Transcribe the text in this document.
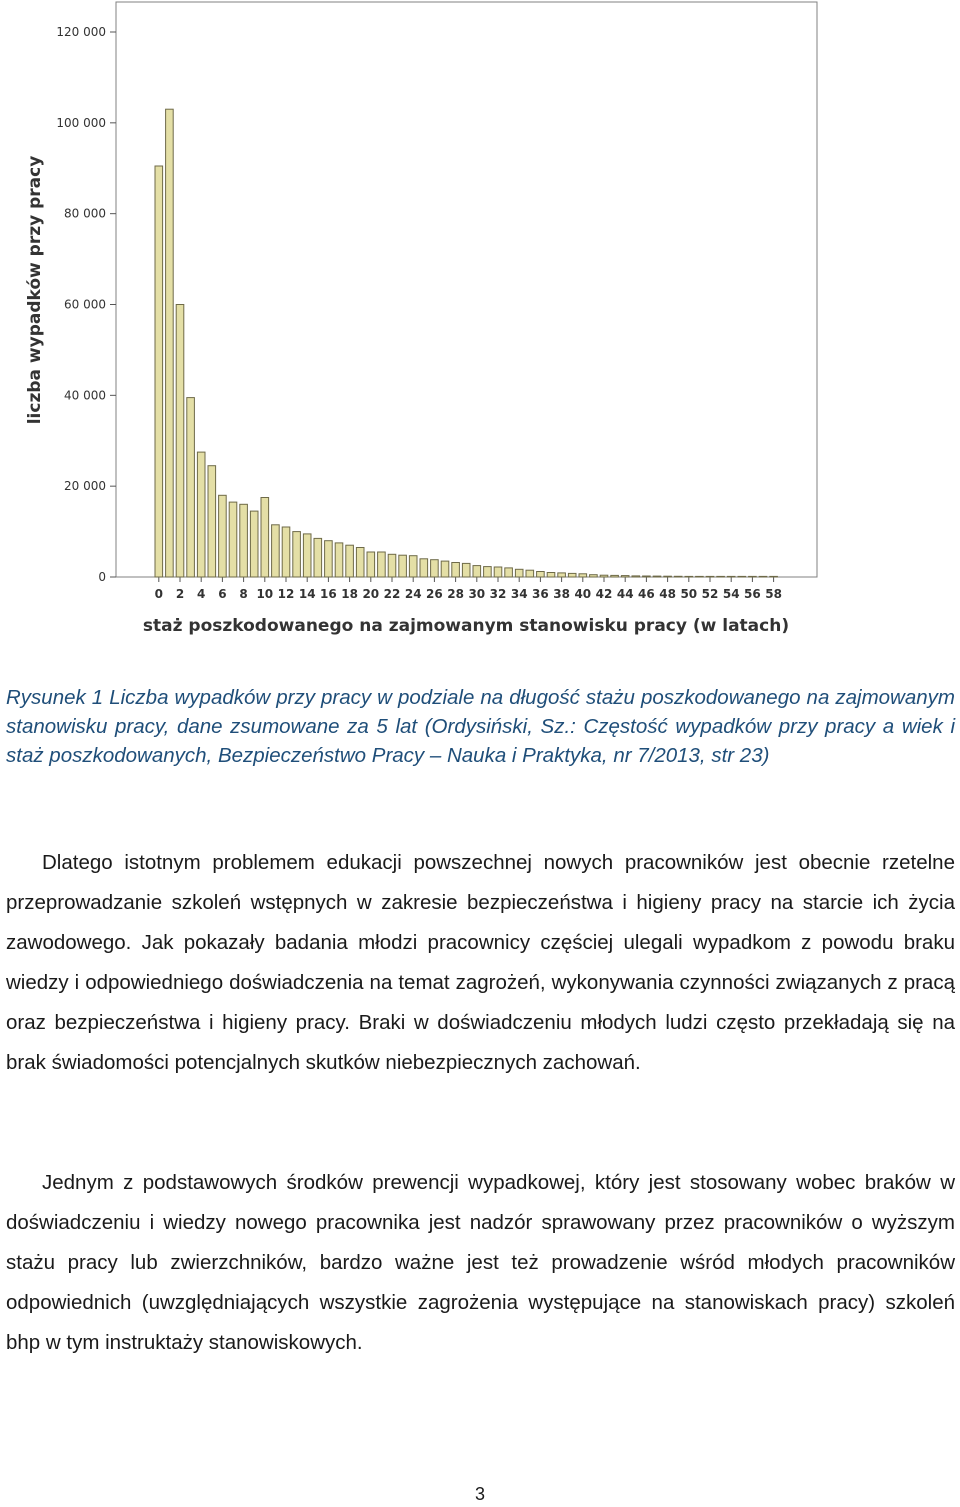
0
20 000
40 000
60 000
80 000
100 000
120 000
0 2 4 6 8 10 12 14 16 18 20 22 24 26 28 30 32 34 36 38 40 42 44 46 48 50 52 54 56 58
liczba wypadków przy pracy
staż poszkodowanego na zajmowanym stanowisku pracy (w latach)

Rysunek 1 Liczba wypadków przy pracy w podziale na długość stażu poszkodowanego na zajmowanym stanowisku pracy, dane zsumowane za 5 lat (Ordysiński, Sz.: Częstość wypadków przy pracy a wiek i staż poszkodowanych, Bezpieczeństwo Pracy – Nauka i Praktyka, nr 7/2013, str 23)

Dlatego istotnym problemem edukacji powszechnej nowych pracowników jest obecnie rzetelne przeprowadzanie szkoleń wstępnych w zakresie bezpieczeństwa i higieny pracy na starcie ich życia zawodowego. Jak pokazały badania młodzi pracownicy częściej ulegali wypadkom z powodu braku wiedzy i odpowiedniego doświadczenia na temat zagrożeń, wykonywania czynności związanych z pracą oraz bezpieczeństwa i higieny pracy. Braki w doświadczeniu młodych ludzi często przekładają się na brak świadomości potencjalnych skutków niebezpiecznych zachowań.

Jednym z podstawowych środków prewencji wypadkowej, który jest stosowany wobec braków w doświadczeniu i wiedzy nowego pracownika jest nadzór sprawowany przez pracowników o wyższym stażu pracy lub zwierzchników, bardzo ważne jest też prowadzenie wśród młodych pracowników odpowiednich (uwzględniających wszystkie zagrożenia występujące na stanowiskach pracy) szkoleń bhp w tym instruktaży stanowiskowych.

3
